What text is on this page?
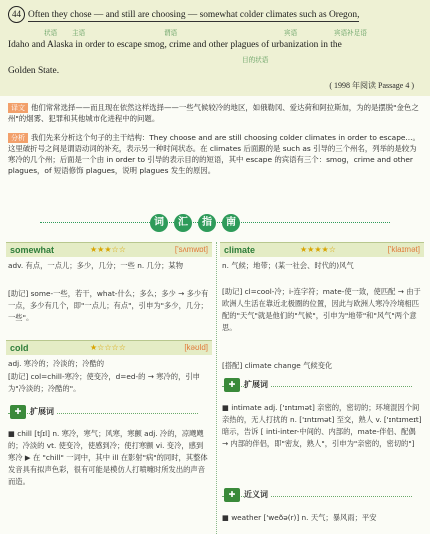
44 Often they chose — and still are choosing — somewhat colder climates such as Oregon,
状语 主语	谓语	宾语	宾语补足语
Idaho and Alaska in order to escape smog, crime and other plagues of urbanization in the
目的状语
Golden State.
( 1998 年阅读 Passage 4 )
译文 他们常常选择——而且现在依然这样选择——一些气候较冷的地区，如俄勒冈、爱达荷和阿拉斯加，为的是摆脱"金色之州"的烟雾、犯罪和其他城市化进程中的问题。
分析 我们先来分析这个句子的主干结构：They choose and are still choosing colder climates in order to escape...。这里破折号之间是谓语动词的补充，表示另一种时间状态。在 climates 后面跟的是 such as 引导的三个州名，列举的是较为寒冷的几个州；后面是一个由 in order to 引导的表示目的的短语，其中 escape 的宾语有三个：smog，crime and other plagues，of 短语修饰 plagues，说明 plagues 发生的原因。
词	汇	指	南
somewhat	★★★☆☆	['sʌmwɒt]
adv. 有点，一点儿；多少，几分；一些 n. 几分；某物
[助记] some-一些，若干，what-什么；多么；多少 → 多少有一点，多少有几个，即"一点儿；有点"，引申为"多少，几分；一些"。
cold	★☆☆☆☆	[kəʊld]
adj. 寒冷的；冷淡的；冷酷的
[助记] col=chill-寒冷；使变冷，d=ed-的 → 寒冷的，引申为"冷淡的；冷酷的"。
✚	扩展词
■ chill [tʃɪl] n. 寒冷，寒气；风寒，寒颤 adj. 冷的，凉飕飕的；冷淡的 vt. 使变冷，使感到冷；使打寒颤 vi. 变冷，感到寒冷 ▶ 在 "chill" 一词中，其中 ill 在影射"病"的同时，其整体发音具有拟声色彩，很有可能是模仿人打喷嚏时所发出的声音而造。
climate	★★★★☆	['klaɪmət]
n. 气候；地带；(某一社会、时代的)风气
[助记] cl=cool-冷；i-连字符；mate-使一致，使匹配 → 由于欧洲人生活在靠近北极圈的位置，因此与欧洲人寒冷冷境相匹配的"天气"就是他们的"气候"，引申为"地带"和"风气"两个意思。
[搭配] climate change 气候变化
✚	扩展词
■ intimate adj. ['ɪntɪmət] 亲密的，密切的；环境混因个间亲热的，无人打扰的 n. ['ɪntɪmət] 至交，熟人 v. ['ɪntɪmeɪt] 暗示，告诉 [ inti-inter-中间的、内部的，mate-伴侣、配偶 → 内部的伴侣，即"密友，熟人"，引申为"亲密的，密切的"]
✚	近义词
■ weather ['weðə(r)] n. 天气；暴风雨；平安
